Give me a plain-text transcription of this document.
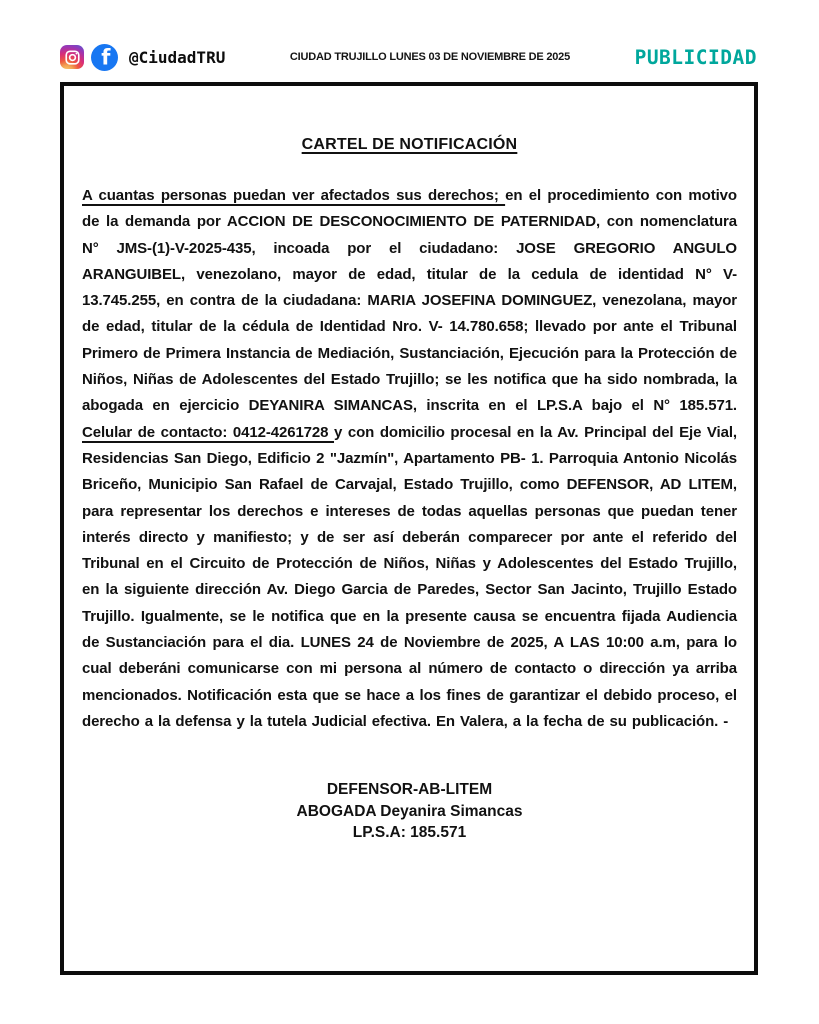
f @CiudadTRU	CIUDAD TRUJILLO LUNES 03 DE NOVIEMBRE DE 2025	PUBLICIDAD
CARTEL DE NOTIFICACIÓN

A cuantas personas puedan ver afectados sus derechos; en el procedimiento con motivo de la demanda por ACCION DE DESCONOCIMIENTO DE PATERNIDAD, con nomenclatura N° JMS-(1)-V-2025-435, incoada por el ciudadano: JOSE GREGORIO ANGULO ARANGUIBEL, venezolano, mayor de edad, titular de la cedula de identidad N° V-13.745.255, en contra de la ciudadana: MARIA JOSEFINA DOMINGUEZ, venezolana, mayor de edad, titular de la cédula de Identidad Nro. V- 14.780.658; llevado por ante el Tribunal Primero de Primera Instancia de Mediación, Sustanciación, Ejecución para la Protección de Niños, Niñas de Adolescentes del Estado Trujillo; se les notifica que ha sido nombrada, la abogada en ejercicio DEYANIRA SIMANCAS, inscrita en el LP.S.A bajo el N° 185.571. Celular de contacto: 0412-4261728 y con domicilio procesal en la Av. Principal del Eje Vial, Residencias San Diego, Edificio 2 "Jazmín", Apartamento PB- 1. Parroquia Antonio Nicolás Briceño, Municipio San Rafael de Carvajal, Estado Trujillo, como DEFENSOR, AD LITEM, para representar los derechos e intereses de todas aquellas personas que puedan tener interés directo y manifiesto; y de ser así deberán comparecer por ante el referido del Tribunal en el Circuito de Protección de Niños, Niñas y Adolescentes del Estado Trujillo, en la siguiente dirección Av. Diego Garcia de Paredes, Sector San Jacinto, Trujillo Estado Trujillo. Igualmente, se le notifica que en la presente causa se encuentra fijada Audiencia de Sustanciación para el dia. LUNES 24 de Noviembre de 2025, A LAS 10:00 a.m, para lo cual deberáni comunicarse con mi persona al número de contacto o dirección ya arriba mencionados. Notificación esta que se hace a los fines de garantizar el debido proceso, el derecho a la defensa y la tutela Judicial efectiva. En Valera, a la fecha de su publicación. -

DEFENSOR-AB-LITEM
ABOGADA Deyanira Simancas
LP.S.A: 185.571
